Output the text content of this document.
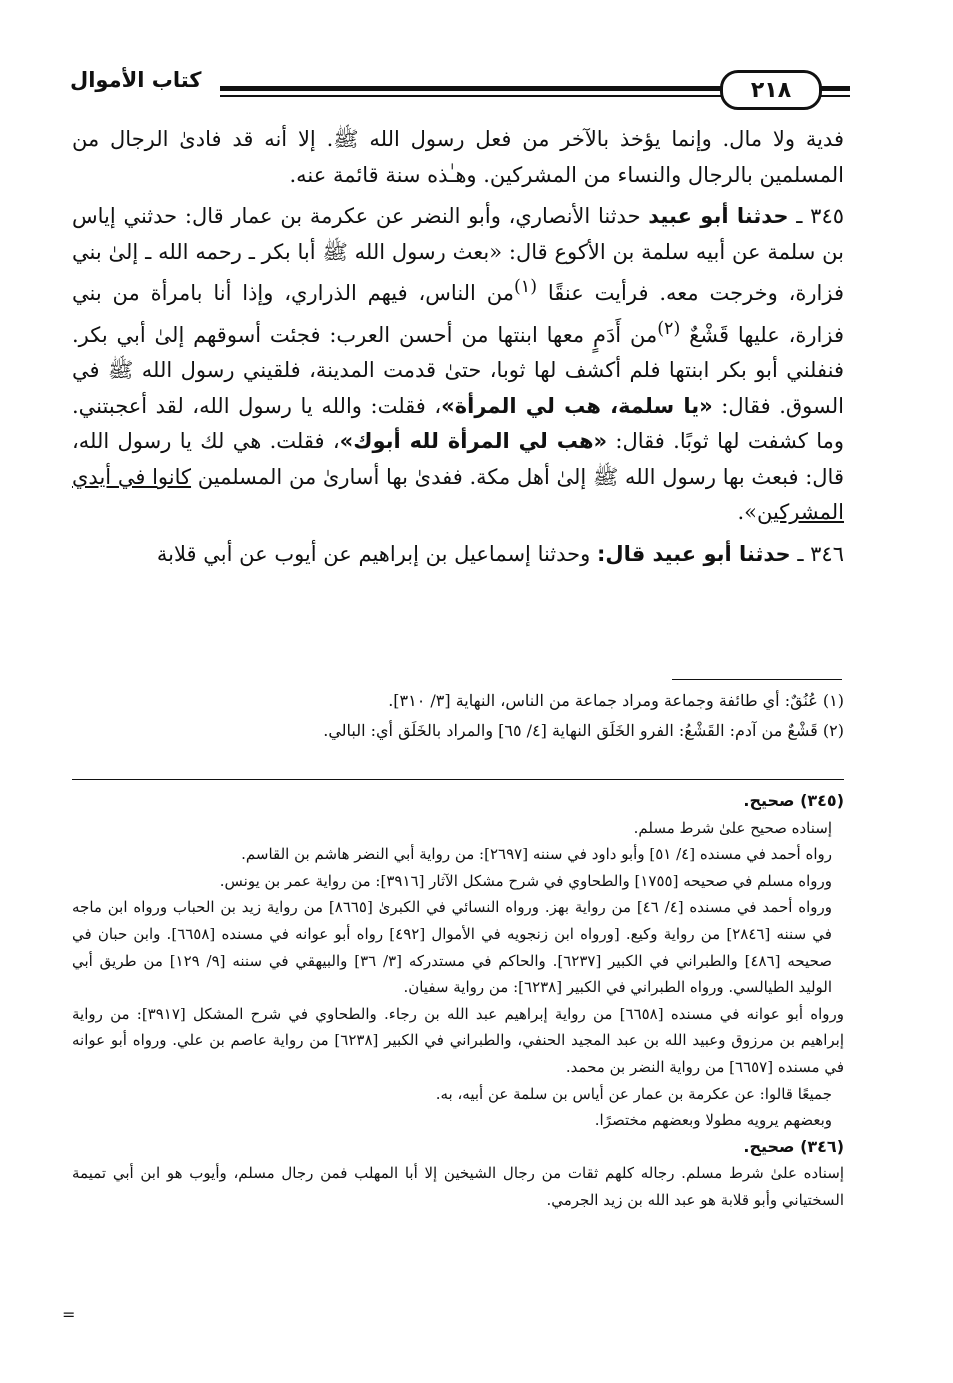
كتاب الأموال	٢١٨

فدية ولا مال. وإنما يؤخذ بالآخر من فعل رسول الله ﷺ. إلا أنه قد فادىٰ الرجال من المسلمين بالرجال والنساء من المشركين. وهـٰذه سنة قائمة عنه.

٣٤٥ ـ حدثنا أبو عبيد حدثنا الأنصاري، وأبو النضر عن عكرمة بن عمار قال: حدثني إياس بن سلمة عن أبيه سلمة بن الأكوع قال: «بعث رسول الله ﷺ أبا بكر ـ رحمه الله ـ إلىٰ بني فزارة، وخرجت معه. فرأيت عنقًا $^{(١)}$من الناس، فيهم الذراري، وإذا أنا بامرأة من بني فزارة، عليها قَشْعٌ $^{(٢)}$من أَدَمٍ معها ابنتها من أحسن العرب: فجئت أسوقهم إلىٰ أبي بكر. فنفلني أبو بكر ابنتها فلم أكشف لها ثوبا، حتىٰ قدمت المدينة، فلقيني رسول الله ﷺ في السوق. فقال: «يا سلمة، هب لي المرأة»، فقلت: والله يا رسول الله، لقد أعجبتني. وما كشفت لها ثوبًا. فقال: «هب لي المرأة لله أبوك»، فقلت. هي لك يا رسول الله، قال: فبعث بها رسول الله ﷺ إلىٰ أهل مكة. ففدىٰ بها أسارىٰ من المسلمين كانوا في أيدي المشركين».

٣٤٦ ـ حدثنا أبو عبيد قال: وحدثنا إسماعيل بن إبراهيم عن أيوب عن أبي قلابة

(١) عُنُقٌ: أي طائفة وجماعة ومراد جماعة من الناس، النهاية [٣/ ٣١٠].

(٢) قَشْعٌ من آدم: القَشْعُ: الفرو الخَلَق النهاية [٤/ ٦٥] والمراد بالخَلَق أي: البالي.

(٣٤٥) صحيح.

إسناده صحيح علىٰ شرط مسلم.

رواه أحمد في مسنده [٤/ ٥١] وأبو داود في سننه [٢٦٩٧]: من رواية أبي النضر هاشم بن القاسم.

ورواه مسلم في صحيحه [١٧٥٥] والطحاوي في شرح مشكل الآثار [٣٩١٦]: من رواية عمر بن يونس.

ورواه أحمد في مسنده [٤/ ٤٦] من رواية بهز. ورواه النسائي في الكبرىٰ [٨٦٦٥] من رواية زيد بن الحباب ورواه ابن ماجه في سننه [٢٨٤٦] من رواية وكيع. [ورواه ابن زنجويه في الأموال [٤٩٢] رواه أبو عوانه في مسنده [٦٦٥٨]. وابن حبان في صحيحه [٤٨٦] والطبراني في الكبير [٦٢٣٧]. والحاكم في مستدركه [٣/ ٣٦] والبيهقي في سننه [٩/ ١٢٩] من طريق أبي الوليد الطيالسي. ورواه الطبراني في الكبير [٦٢٣٨]: من رواية سفيان.

ورواه أبو عوانه في مسنده [٦٦٥٨] من رواية إبراهيم عبد الله بن رجاء. والطحاوي في شرح المشكل [٣٩١٧]: من رواية إبراهيم بن مرزوق وعبيد الله بن عبد المجيد الحنفي، والطبراني في الكبير [٦٢٣٨] من رواية عاصم بن علي. ورواه أبو عوانه في مسنده [٦٦٥٧] من رواية النضر بن محمد.

جميعًا قالوا: عن عكرمة بن عمار عن أياس بن سلمة عن أبيه، به.

وبعضهم يرويه مطولا وبعضهم مختصرًا.

(٣٤٦) صحيح.

إسناده علىٰ شرط مسلم. رجاله كلهم ثقات من رجال الشيخين إلا أبا المهلب فمن رجال مسلم، وأيوب هو ابن أبي تميمة السختياني وأبو قلابة هو عبد الله بن زيد الجرمي.

=
